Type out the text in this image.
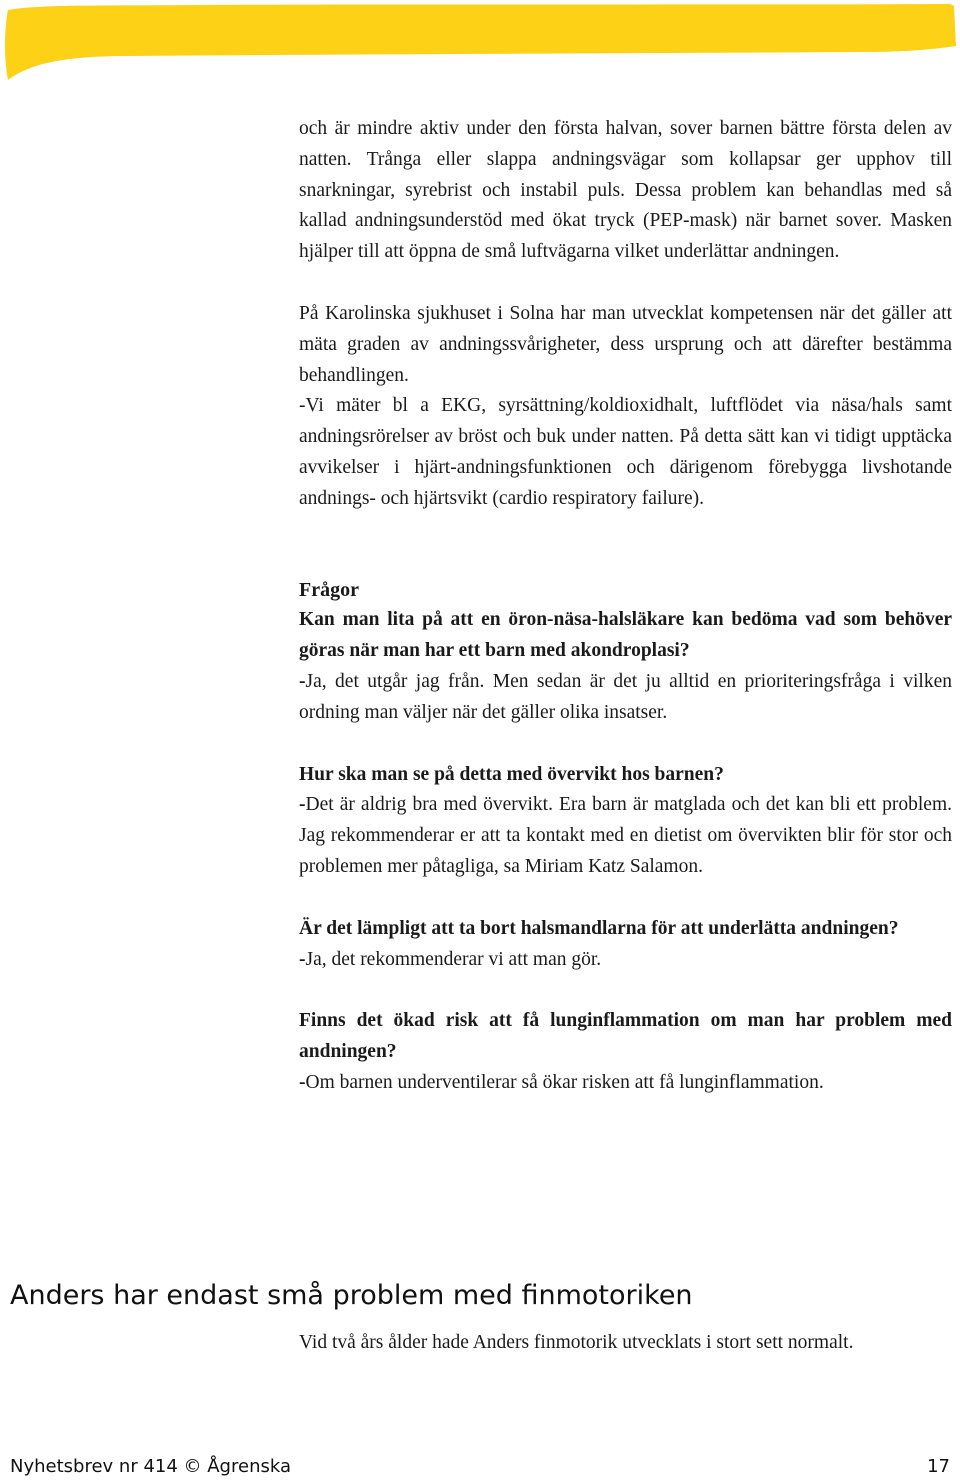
och är mindre aktiv under den första halvan, sover barnen bättre första delen av natten. Trånga eller slappa andningsvägar som kollapsar ger upphov till snarkningar, syrebrist och instabil puls. Dessa problem kan behandlas med så kallad andningsunderstöd med ökat tryck (PEP-mask) när barnet sover. Masken hjälper till att öppna de små luftvägarna vilket underlättar andningen.

På Karolinska sjukhuset i Solna har man utvecklat kompetensen när det gäller att mäta graden av andningssvårigheter, dess ursprung och att därefter bestämma behandlingen.

-Vi mäter bl a EKG, syrsättning/koldioxidhalt, luftflödet via näsa/hals samt andningsrörelser av bröst och buk under natten. På detta sätt kan vi tidigt upptäcka avvikelser i hjärt-andningsfunktionen och därigenom förebygga livshotande andnings- och hjärtsvikt (cardio respiratory failure).

Frågor

Kan man lita på att en öron-näsa-halsläkare kan bedöma vad som behöver göras när man har ett barn med akondroplasi?

-Ja, det utgår jag från. Men sedan är det ju alltid en prioriteringsfråga i vilken ordning man väljer när det gäller olika insatser.

Hur ska man se på detta med övervikt hos barnen?

-Det är aldrig bra med övervikt. Era barn är matglada och det kan bli ett problem. Jag rekommenderar er att ta kontakt med en dietist om övervikten blir för stor och problemen mer påtagliga, sa Miriam Katz Salamon.

Är det lämpligt att ta bort halsmandlarna för att underlätta andningen?

-Ja, det rekommenderar vi att man gör.

Finns det ökad risk att få lunginflammation om man har problem med andningen?

-Om barnen underventilerar så ökar risken att få lunginflammation.

Anders har endast små problem med finmotoriken

Vid två års ålder hade Anders finmotorik utvecklats i stort sett normalt.

Nyhetsbrev nr 414 © Ågrenska	17
